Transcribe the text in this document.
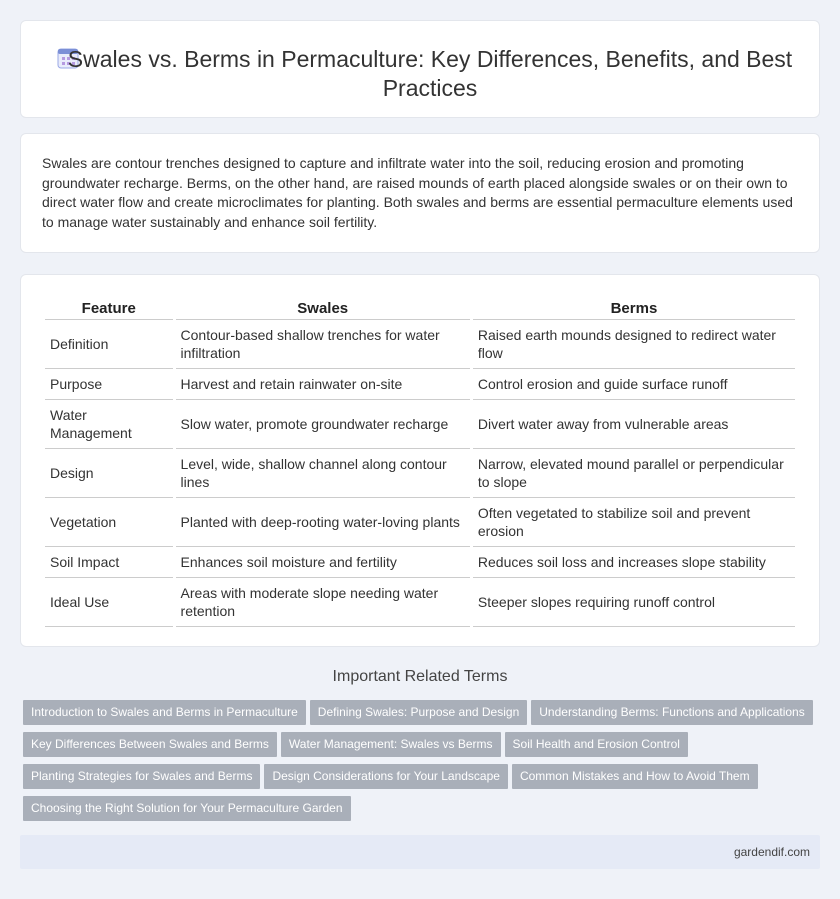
Swales vs. Berms in Permaculture: Key Differences, Benefits, and Best Practices
Swales are contour trenches designed to capture and infiltrate water into the soil, reducing erosion and promoting groundwater recharge. Berms, on the other hand, are raised mounds of earth placed alongside swales or on their own to direct water flow and create microclimates for planting. Both swales and berms are essential permaculture elements used to manage water sustainably and enhance soil fertility.
Feature	Swales	Berms
Definition	Contour-based shallow trenches for water infiltration	Raised earth mounds designed to redirect water flow
Purpose	Harvest and retain rainwater on-site	Control erosion and guide surface runoff
Water Management	Slow water, promote groundwater recharge	Divert water away from vulnerable areas
Design	Level, wide, shallow channel along contour lines	Narrow, elevated mound parallel or perpendicular to slope
Vegetation	Planted with deep-rooting water-loving plants	Often vegetated to stabilize soil and prevent erosion
Soil Impact	Enhances soil moisture and fertility	Reduces soil loss and increases slope stability
Ideal Use	Areas with moderate slope needing water retention	Steeper slopes requiring runoff control
Important Related Terms
Introduction to Swales and Berms in Permaculture Defining Swales: Purpose and Design Understanding Berms: Functions and Applications
Key Differences Between Swales and Berms Water Management: Swales vs Berms Soil Health and Erosion Control
Planting Strategies for Swales and Berms Design Considerations for Your Landscape Common Mistakes and How to Avoid Them
Choosing the Right Solution for Your Permaculture Garden
gardendif.com
